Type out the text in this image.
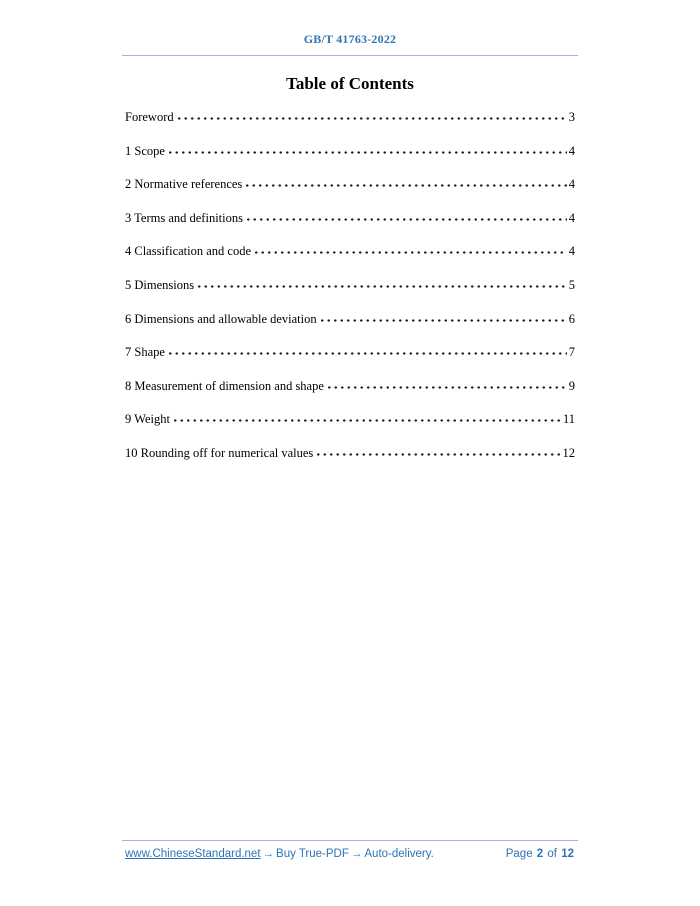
GB/T 41763-2022
Table of Contents
Foreword	3
1 Scope	4
2 Normative references	4
3 Terms and definitions	4
4 Classification and code	4
5 Dimensions	5
6 Dimensions and allowable deviation	6
7 Shape	7
8 Measurement of dimension and shape	9
9 Weight	11
10 Rounding off for numerical values	12
www.ChineseStandard.net → Buy True-PDF → Auto-delivery.	Page 2 of 12
